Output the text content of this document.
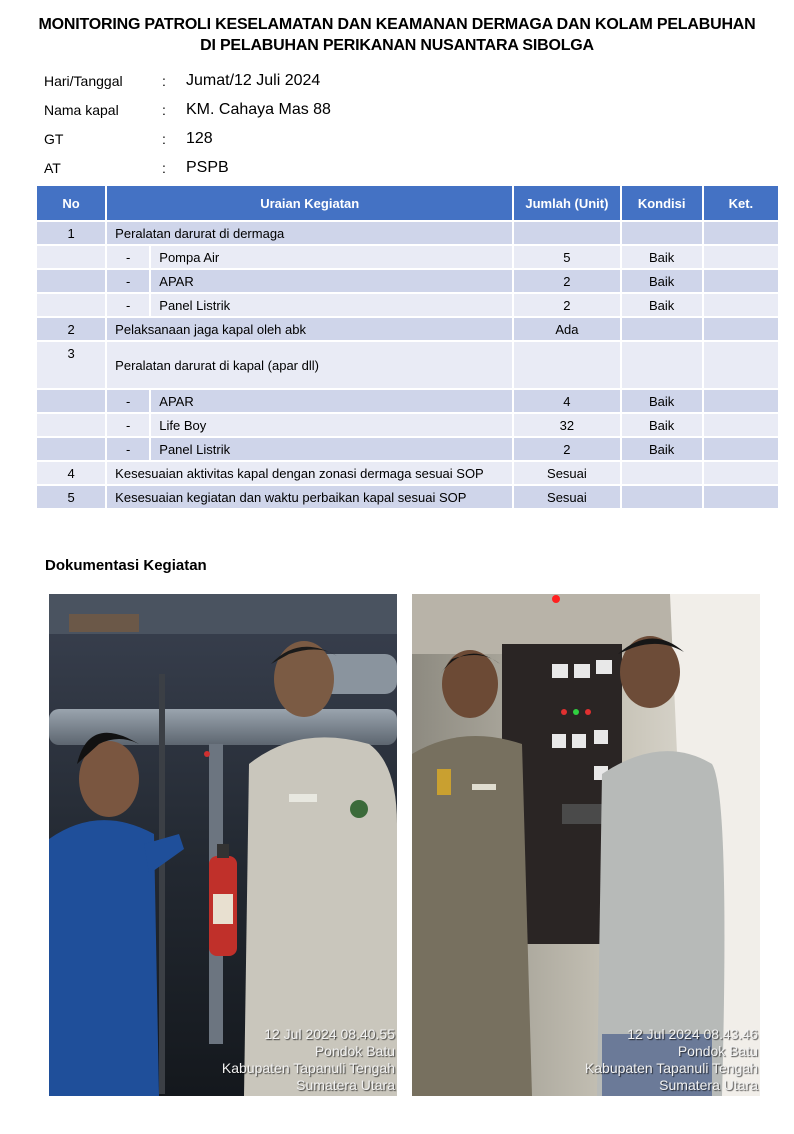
MONITORING PATROLI KESELAMATAN DAN KEAMANAN DERMAGA DAN KOLAM PELABUHAN
DI PELABUHAN PERIKANAN NUSANTARA SIBOLGA
Hari/Tanggal	:	Jumat/12 Juli 2024
Nama kapal	:	KM. Cahaya Mas 88
GT	:	128
AT	:	PSPB
No	Uraian Kegiatan		Jumlah (Unit)	Kondisi	Ket.
1	Peralatan darurat di dermaga				
	-	Pompa Air	5	Baik	
	-	APAR	2	Baik	
	-	Panel Listrik	2	Baik	
2	Pelaksanaan jaga kapal oleh abk		Ada		
3	Peralatan darurat di kapal (apar dll)				
	-	APAR	4	Baik	
	-	Life Boy	32	Baik	
	-	Panel Listrik	2	Baik	
4	Kesesuaian aktivitas kapal dengan zonasi dermaga sesuai SOP		Sesuai		
5	Kesesuaian kegiatan dan waktu perbaikan kapal sesuai SOP		Sesuai		
Dokumentasi Kegiatan
12 Jul 2024 08.40.55
Pondok Batu
Kabupaten Tapanuli Tengah
Sumatera Utara
12 Jul 2024 08.43.46
Pondok Batu
Kabupaten Tapanuli Tengah
Sumatera Utara
